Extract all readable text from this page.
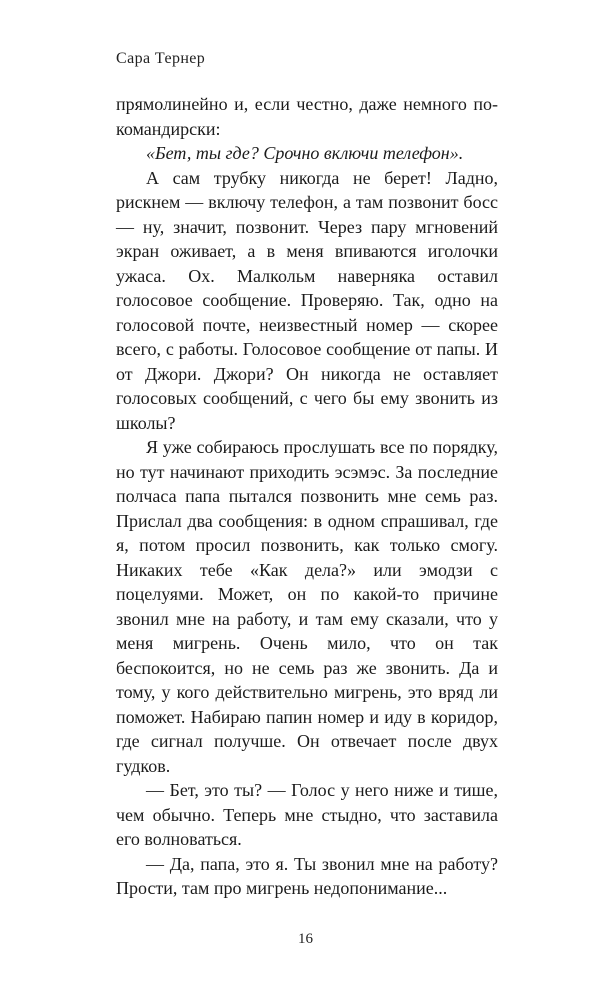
Сара Тернер

прямолинейно и, если честно, даже немного по-командирски:

«Бет, ты где? Срочно включи телефон».

А сам трубку никогда не берет! Ладно, рискнем — включу телефон, а там позвонит босс — ну, значит, позвонит. Через пару мгновений экран оживает, а в меня впиваются иголочки ужаса. Ох. Малкольм наверняка оставил голосовое сообщение. Проверяю. Так, одно на голосовой почте, неизвестный номер — скорее всего, с работы. Голосовое сообщение от папы. И от Джори. Джори? Он никогда не оставляет голосовых сообщений, с чего бы ему звонить из школы?

Я уже собираюсь прослушать все по порядку, но тут начинают приходить эсэмэс. За последние полчаса папа пытался позвонить мне семь раз. Прислал два сообщения: в одном спрашивал, где я, потом просил позвонить, как только смогу. Никаких тебе «Как дела?» или эмодзи с поцелуями. Может, он по какой-то причине звонил мне на работу, и там ему сказали, что у меня мигрень. Очень мило, что он так беспокоится, но не семь раз же звонить. Да и тому, у кого действительно мигрень, это вряд ли поможет. Набираю папин номер и иду в коридор, где сигнал получше. Он отвечает после двух гудков.

— Бет, это ты? — Голос у него ниже и тише, чем обычно. Теперь мне стыдно, что заставила его волноваться.

— Да, папа, это я. Ты звонил мне на работу? Прости, там про мигрень недопонимание...

16
